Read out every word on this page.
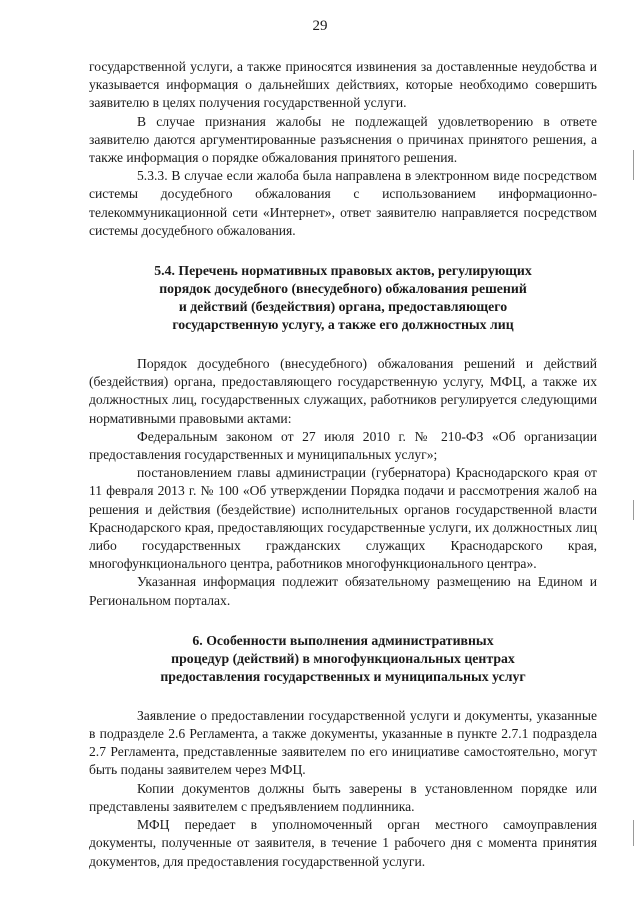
29

государственной услуги, а также приносятся извинения за доставленные неудобства и указывается информация о дальнейших действиях, которые необходимо совершить заявителю в целях получения государственной услуги.

В случае признания жалобы не подлежащей удовлетворению в ответе заявителю даются аргументированные разъяснения о причинах принятого решения, а также информация о порядке обжалования принятого решения.

5.3.3. В случае если жалоба была направлена в электронном виде посредством системы досудебного обжалования с использованием информационно-телекоммуникационной сети «Интернет», ответ заявителю направляется посредством системы досудебного обжалования.

5.4. Перечень нормативных правовых актов, регулирующих
порядок досудебного (внесудебного) обжалования решений
и действий (бездействия) органа, предоставляющего
государственную услугу, а также его должностных лиц

Порядок досудебного (внесудебного) обжалования решений и действий (бездействия) органа, предоставляющего государственную услугу, МФЦ, а также их должностных лиц, государственных служащих, работников регулируется следующими нормативными правовыми актами:

Федеральным законом от 27 июля 2010 г. № 210-ФЗ «Об организации предоставления государственных и муниципальных услуг»;

постановлением главы администрации (губернатора) Краснодарского края от 11 февраля 2013 г. № 100 «Об утверждении Порядка подачи и рассмотрения жалоб на решения и действия (бездействие) исполнительных органов государственной власти Краснодарского края, предоставляющих государственные услуги, их должностных лиц либо государственных гражданских служащих Краснодарского края, многофункционального центра, работников многофункционального центра».

Указанная информация подлежит обязательному размещению на Едином и Региональном порталах.

6. Особенности выполнения административных
процедур (действий) в многофункциональных центрах
предоставления государственных и муниципальных услуг

Заявление о предоставлении государственной услуги и документы, указанные в подразделе 2.6 Регламента, а также документы, указанные в пункте 2.7.1 подраздела 2.7 Регламента, представленные заявителем по его инициативе самостоятельно, могут быть поданы заявителем через МФЦ.

Копии документов должны быть заверены в установленном порядке или представлены заявителем с предъявлением подлинника.

МФЦ передает в уполномоченный орган местного самоуправления документы, полученные от заявителя, в течение 1 рабочего дня с момента принятия документов, для предоставления государственной услуги.
